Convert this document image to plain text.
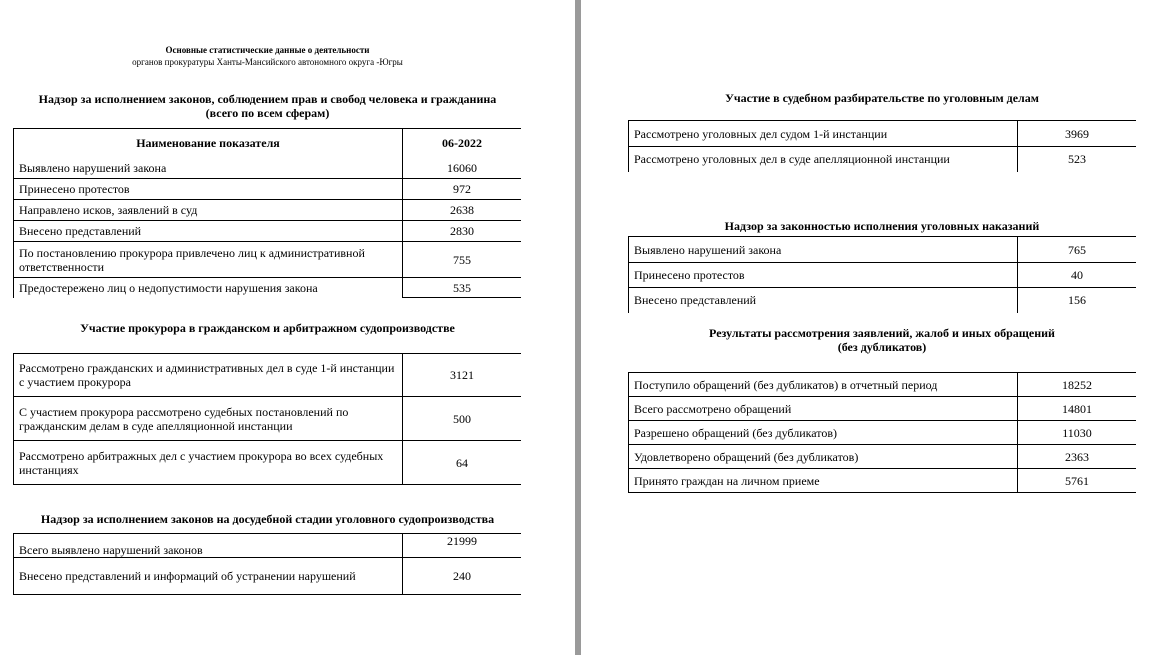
Основные статистические данные о деятельности
органов прокуратуры Ханты-Мансийского автономного округа -Югры
Надзор за исполнением законов, соблюдением прав и свобод человека и гражданина
(всего по всем сферам)
Наименование показателя	06-2022
Выявлено нарушений закона	16060
Принесено протестов	972
Направлено исков, заявлений в суд	2638
Внесено представлений	2830
По постановлению прокурора привлечено лиц к административной ответственности	755
Предостережено лиц о недопустимости нарушения закона	535
Участие прокурора в гражданском и арбитражном судопроизводстве
Рассмотрено гражданских и административных дел в суде 1-й инстанции с участием прокурора	3121
С участием прокурора рассмотрено судебных постановлений по гражданским делам в суде апелляционной инстанции	500
Рассмотрено арбитражных дел с участием прокурора во всех судебных инстанциях	64
Надзор за исполнением законов на досудебной стадии уголовного судопроизводства
Всего выявлено нарушений законов	21999
Внесено представлений и информаций об устранении нарушений	240
Участие в судебном разбирательстве по уголовным делам
Рассмотрено уголовных дел судом 1-й инстанции	3969
Рассмотрено уголовных дел в суде апелляционной инстанции	523
Надзор за законностью исполнения уголовных наказаний
Выявлено нарушений закона	765
Принесено протестов	40
Внесено представлений	156
Результаты рассмотрения заявлений, жалоб и иных обращений
(без дубликатов)
Поступило обращений (без дубликатов) в отчетный период	18252
Всего рассмотрено обращений	14801
Разрешено обращений (без дубликатов)	11030
Удовлетворено обращений (без дубликатов)	2363
Принято граждан на личном приеме	5761
